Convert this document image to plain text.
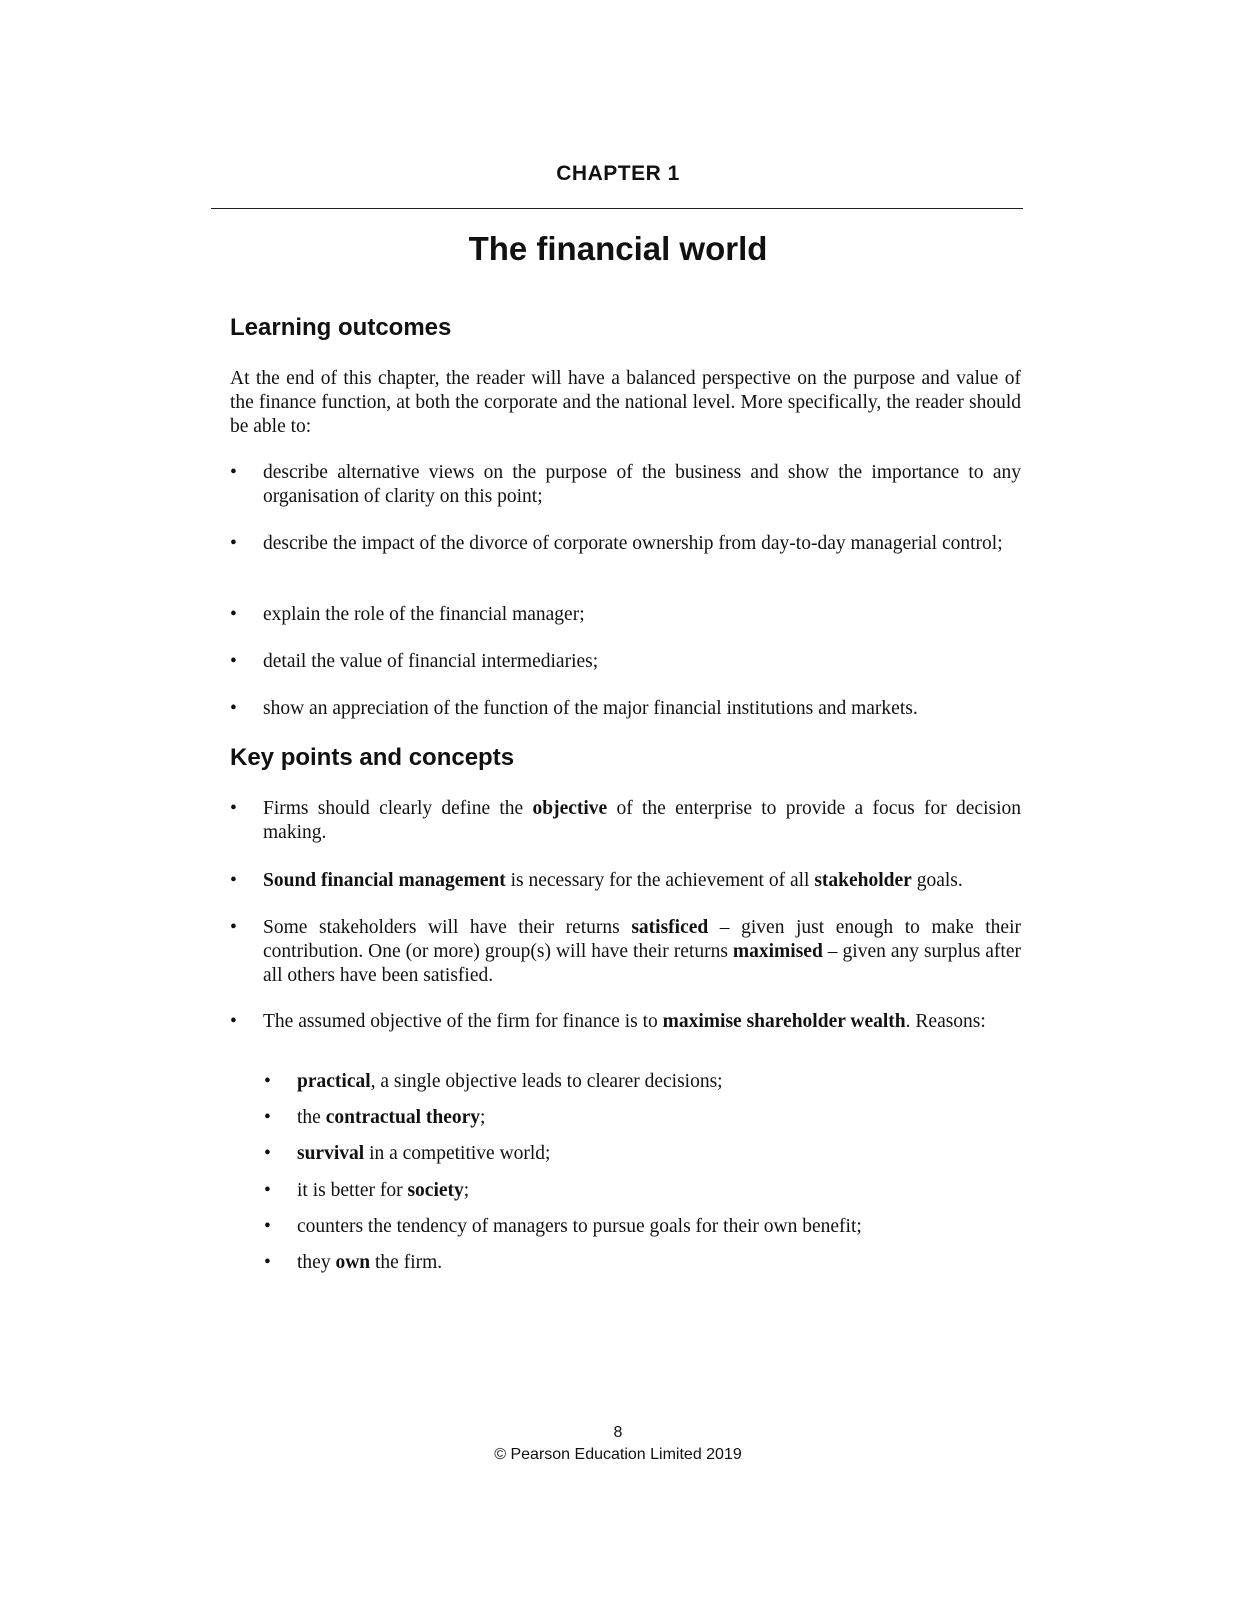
CHAPTER 1
The financial world
Learning outcomes
At the end of this chapter, the reader will have a balanced perspective on the purpose and value of the finance function, at both the corporate and the national level. More specifically, the reader should be able to:
• describe alternative views on the purpose of the business and show the importance to any organisation of clarity on this point;
• describe the impact of the divorce of corporate ownership from day-to-day managerial control;
• explain the role of the financial manager;
• detail the value of financial intermediaries;
• show an appreciation of the function of the major financial institutions and markets.
Key points and concepts
• Firms should clearly define the objective of the enterprise to provide a focus for decision making.
• Sound financial management is necessary for the achievement of all stakeholder goals.
• Some stakeholders will have their returns satisficed – given just enough to make their contribution. One (or more) group(s) will have their returns maximised – given any surplus after all others have been satisfied.
• The assumed objective of the firm for finance is to maximise shareholder wealth. Reasons:
• practical, a single objective leads to clearer decisions;
• the contractual theory;
• survival in a competitive world;
• it is better for society;
• counters the tendency of managers to pursue goals for their own benefit;
• they own the firm.
8
© Pearson Education Limited 2019
